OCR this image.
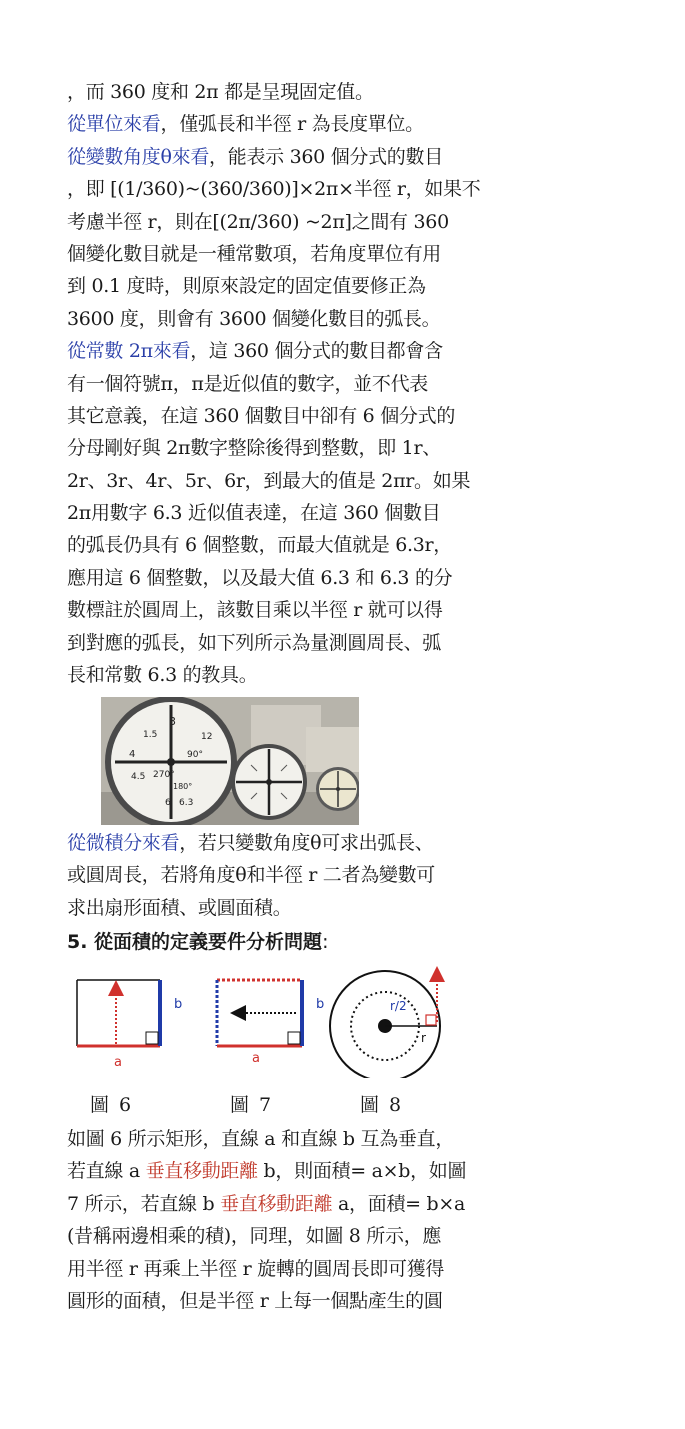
，而 360 度和 2π 都是呈現固定值。
從單位來看，僅弧長和半徑 r 為長度單位。
從變數角度θ來看，能表示 360 個分式的數目
，即 [(1/360)~(360/360)]×2π×半徑 r，如果不
考慮半徑 r，則在[(2π/360) ~2π]之間有 360
個變化數目就是一種常數項，若角度單位有用
到 0.1 度時，則原來設定的固定值要修正為
3600 度，則會有 3600 個變化數目的弧長。
從常數 2π來看，這 360 個分式的數目都會含
有一個符號π，π是近似值的數字，並不代表
其它意義，在這 360 個數目中卻有 6 個分式的
分母剛好與 2π數字整除後得到整數，即 1r、
2r、3r、4r、5r、6r，到最大的值是 2πr。如果
2π用數字 6.3 近似值表達，在這 360 個數目
的弧長仍具有 6 個整數，而最大值就是 6.3r，
應用這 6 個整數，以及最大值 6.3 和 6.3 的分
數標註於圓周上，該數目乘以半徑 r 就可以得
到對應的弧長，如下列所示為量測圓周長、弧
長和常數 6.3 的教具。
3
12
1.5
4
4.5 270°
6 6.3
90°
180°
從微積分來看，若只變數角度θ可求出弧長、
或圓周長，若將角度θ和半徑 r 二者為變數可
求出扇形面積、或圓面積。
5. 從面積的定義要件分析問題:
b
a
b
a
r/2
r
圖 6	圖 7	圖 8
如圖 6 所示矩形，直線 a 和直線 b 互為垂直，
若直線 a 垂直移動距離 b，則面積= a×b，如圖
7 所示，若直線 b 垂直移動距離 a，面積= b×a
(昔稱兩邊相乘的積)，同理，如圖 8 所示，應
用半徑 r 再乘上半徑 r 旋轉的圓周長即可獲得
圓形的面積，但是半徑 r 上每一個點產生的圓
